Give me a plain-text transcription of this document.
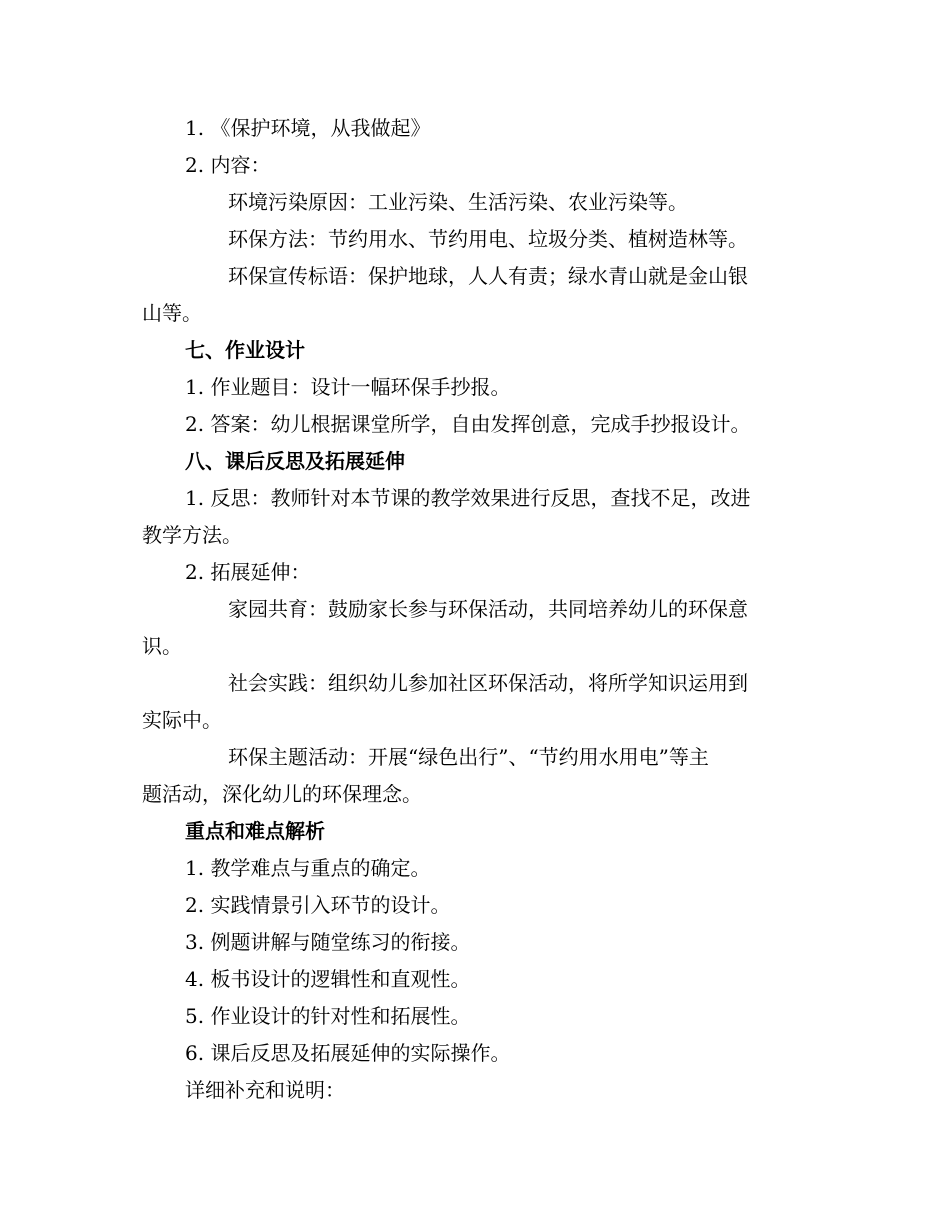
1. 《保护环境，从我做起》
2. 内容：
环境污染原因：工业污染、生活污染、农业污染等。
环保方法：节约用水、节约用电、垃圾分类、植树造林等。
环保宣传标语：保护地球，人人有责；绿水青山就是金山银
山等。
七、作业设计
1. 作业题目：设计一幅环保手抄报。
2. 答案：幼儿根据课堂所学，自由发挥创意，完成手抄报设计。
八、课后反思及拓展延伸
1. 反思：教师针对本节课的教学效果进行反思，查找不足，改进
教学方法。
2. 拓展延伸：
家园共育：鼓励家长参与环保活动，共同培养幼儿的环保意
识。
社会实践：组织幼儿参加社区环保活动，将所学知识运用到
实际中。
环保主题活动：开展“绿色出行”、“节约用水用电”等主
题活动，深化幼儿的环保理念。
重点和难点解析
1. 教学难点与重点的确定。
2. 实践情景引入环节的设计。
3. 例题讲解与随堂练习的衔接。
4. 板书设计的逻辑性和直观性。
5. 作业设计的针对性和拓展性。
6. 课后反思及拓展延伸的实际操作。
详细补充和说明：
